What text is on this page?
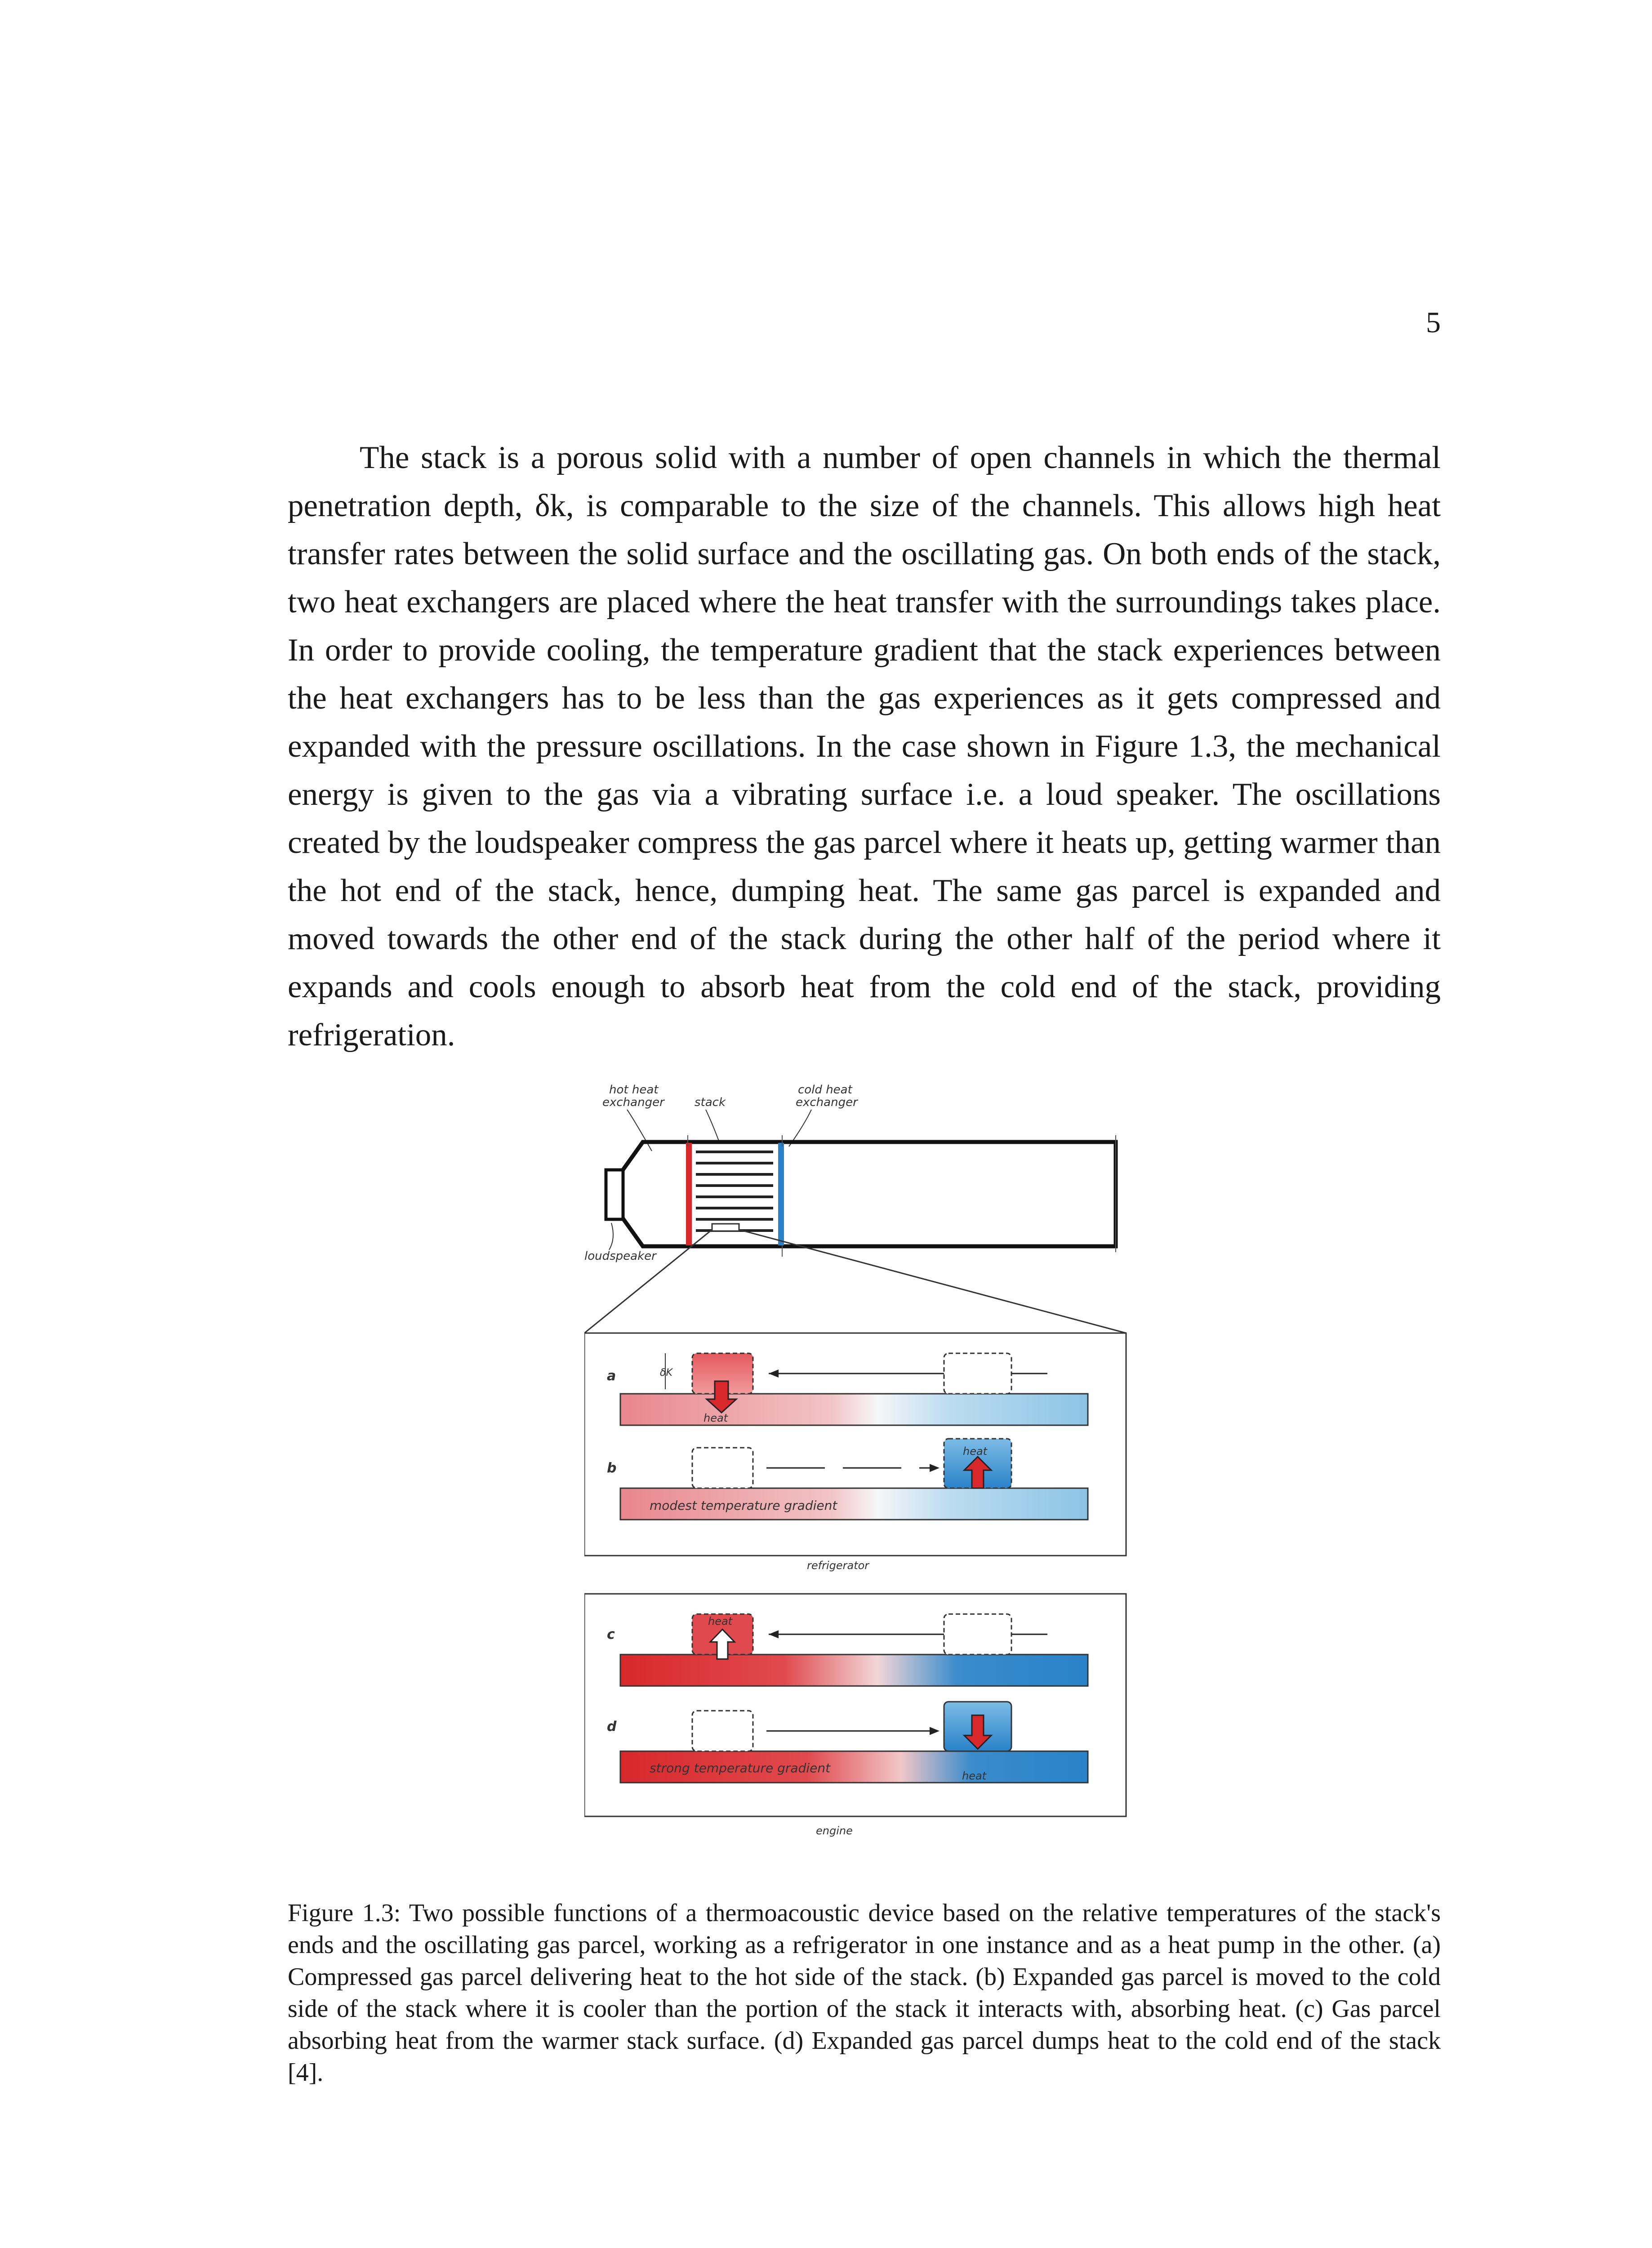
5

The stack is a porous solid with a number of open channels in which the thermal penetration depth, δk, is comparable to the size of the channels. This allows high heat transfer rates between the solid surface and the oscillating gas. On both ends of the stack, two heat exchangers are placed where the heat transfer with the surroundings takes place. In order to provide cooling, the temperature gradient that the stack experiences between the heat exchangers has to be less than the gas experiences as it gets compressed and expanded with the pressure oscillations. In the case shown in Figure 1.3, the mechanical energy is given to the gas via a vibrating surface i.e. a loud speaker. The oscillations created by the loudspeaker compress the gas parcel where it heats up, getting warmer than the hot end of the stack, hence, dumping heat. The same gas parcel is expanded and moved towards the other end of the stack during the other half of the period where it expands and cools enough to absorb heat from the cold end of the stack, providing refrigeration.

hot heat
exchanger	stack
cold heat
exchanger
loudspeaker
a	δK
heat
b
heat
modest temperature gradient
refrigerator
c
heat
d
heat
strong temperature gradient
engine

Figure 1.3: Two possible functions of a thermoacoustic device based on the relative temperatures of the stack's ends and the oscillating gas parcel, working as a refrigerator in one instance and as a heat pump in the other. (a) Compressed gas parcel delivering heat to the hot side of the stack. (b) Expanded gas parcel is moved to the cold side of the stack where it is cooler than the portion of the stack it interacts with, absorbing heat. (c) Gas parcel absorbing heat from the warmer stack surface. (d) Expanded gas parcel dumps heat to the cold end of the stack [4].
